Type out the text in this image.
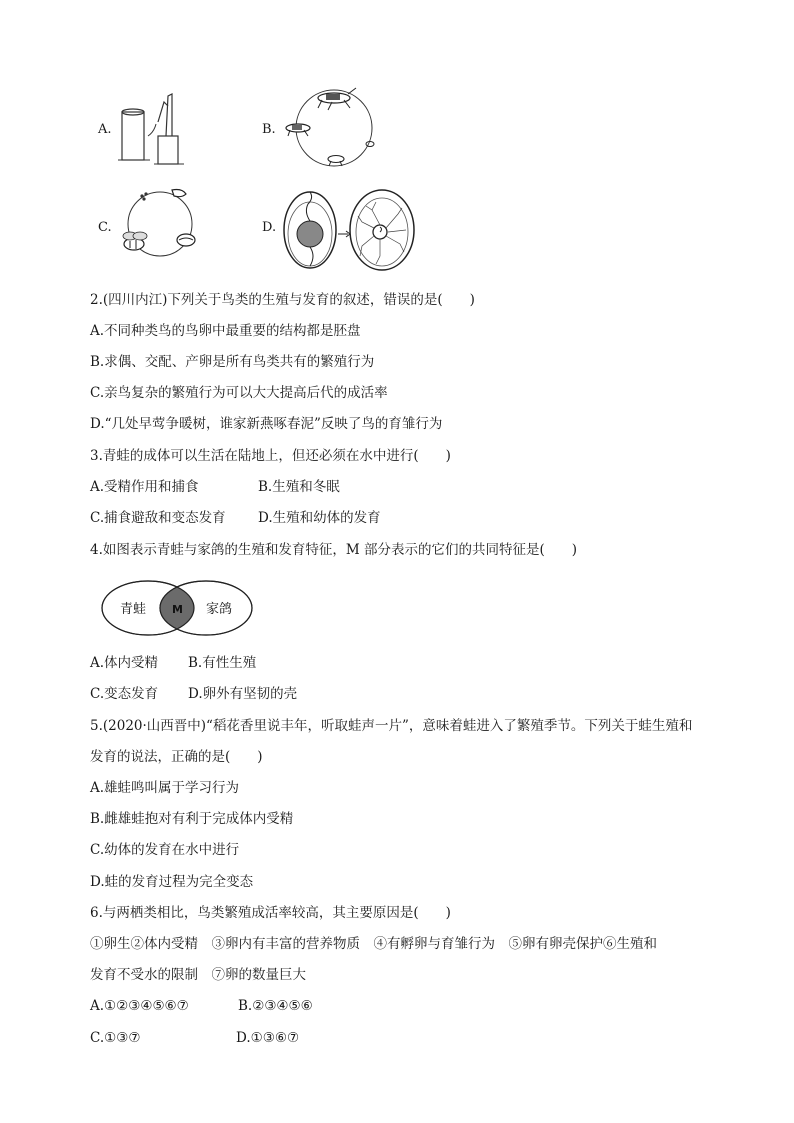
A.	B.
C.	D.
2.(四川内江)下列关于鸟类的生殖与发育的叙述，错误的是(　　)
A.不同种类鸟的鸟卵中最重要的结构都是胚盘
B.求偶、交配、产卵是所有鸟类共有的繁殖行为
C.亲鸟复杂的繁殖行为可以大大提高后代的成活率
D.“几处早莺争暖树，谁家新燕啄春泥”反映了鸟的育雏行为
3.青蛙的成体可以生活在陆地上，但还必须在水中进行(　　)
A.受精作用和捕食	B.生殖和冬眠
C.捕食避敌和变态发育 D.生殖和幼体的发育
4.如图表示青蛙与家鸽的生殖和发育特征，M 部分表示的它们的共同特征是(　　)
青蛙 M 家鸽
A.体内受精 B.有性生殖
C.变态发育 D.卵外有坚韧的壳
5.(2020·山西晋中)“稻花香里说丰年，听取蛙声一片”，意味着蛙进入了繁殖季节。下列关于蛙生殖和
发育的说法，正确的是(　　)
A.雄蛙鸣叫属于学习行为
B.雌雄蛙抱对有利于完成体内受精
C.幼体的发育在水中进行
D.蛙的发育过程为完全变态
6.与两栖类相比，鸟类繁殖成活率较高，其主要原因是(　　)
①卵生②体内受精　③卵内有丰富的营养物质　④有孵卵与育雏行为　⑤卵有卵壳保护⑥生殖和
发育不受水的限制　⑦卵的数量巨大
A.①②③④⑤⑥⑦	B.②③④⑤⑥
C.①③⑦	D.①③⑥⑦
